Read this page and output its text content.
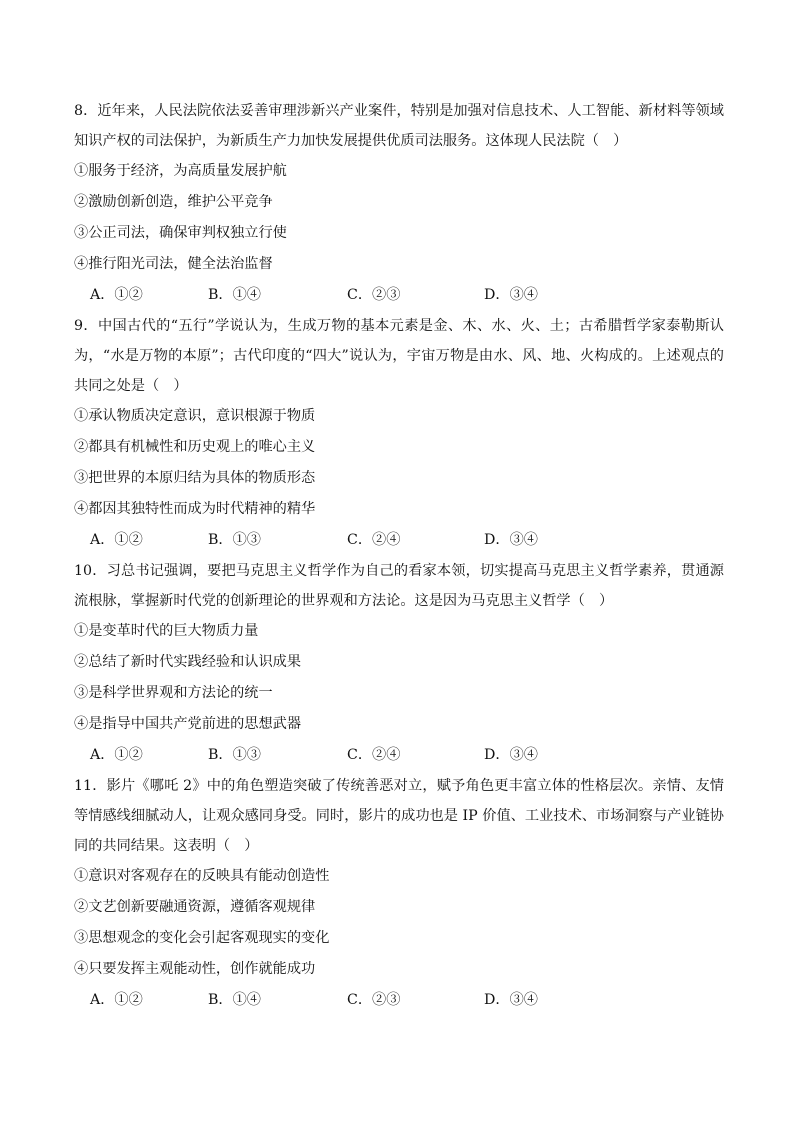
8．近年来，人民法院依法妥善审理涉新兴产业案件，特别是加强对信息技术、人工智能、新材料等领域知识产权的司法保护，为新质生产力加快发展提供优质司法服务。这体现人民法院（　）

①服务于经济，为高质量发展护航

②激励创新创造，维护公平竞争

③公正司法，确保审判权独立行使

④推行阳光司法，健全法治监督

A．①②	B．①④	C．②③	D．③④

9．中国古代的“五行”学说认为，生成万物的基本元素是金、木、水、火、土；古希腊哲学家泰勒斯认为，“水是万物的本原”；古代印度的“四大”说认为，宇宙万物是由水、风、地、火构成的。上述观点的共同之处是（　）

①承认物质决定意识，意识根源于物质

②都具有机械性和历史观上的唯心主义

③把世界的本原归结为具体的物质形态

④都因其独特性而成为时代精神的精华

A．①②	B．①③	C．②④	D．③④

10．习总书记强调，要把马克思主义哲学作为自己的看家本领，切实提高马克思主义哲学素养，贯通源流根脉，掌握新时代党的创新理论的世界观和方法论。这是因为马克思主义哲学（　）

①是变革时代的巨大物质力量

②总结了新时代实践经验和认识成果

③是科学世界观和方法论的统一

④是指导中国共产党前进的思想武器

A．①②	B．①③	C．②④	D．③④

11．影片《哪吒 2》中的角色塑造突破了传统善恶对立，赋予角色更丰富立体的性格层次。亲情、友情等情感线细腻动人，让观众感同身受。同时，影片的成功也是 IP 价值、工业技术、市场洞察与产业链协同的共同结果。这表明（　）

①意识对客观存在的反映具有能动创造性

②文艺创新要融通资源，遵循客观规律

③思想观念的变化会引起客观现实的变化

④只要发挥主观能动性，创作就能成功

A．①②	B．①④	C．②③	D．③④
